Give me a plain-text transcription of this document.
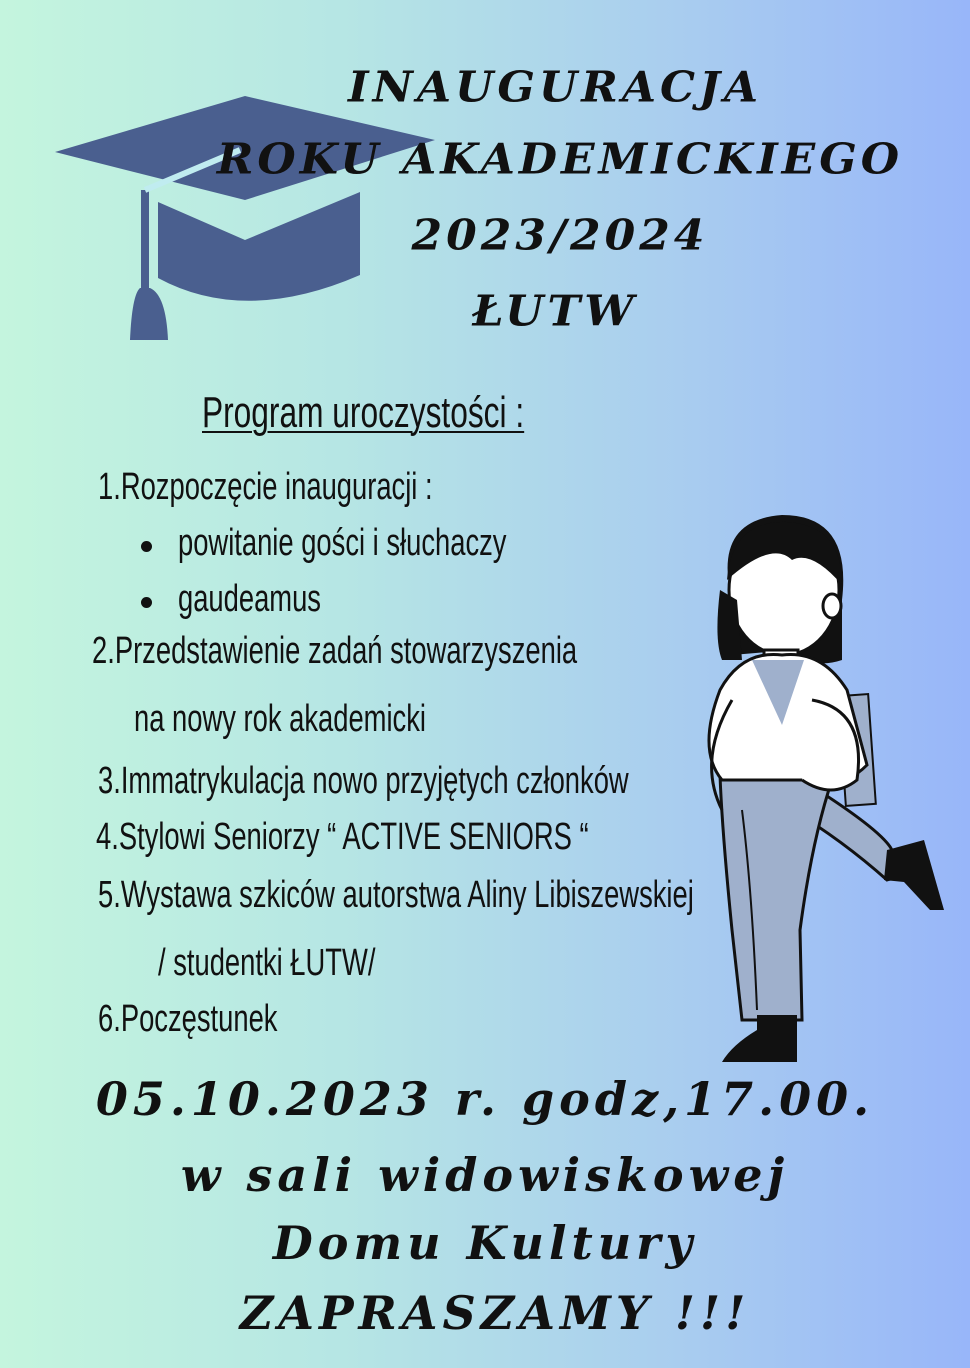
INAUGURACJA
ROKU AKADEMICKIEGO
2023/2024
ŁUTW
Program uroczystości :
1.Rozpoczęcie inauguracji :
powitanie gości i słuchaczy
gaudeamus
2.Przedstawienie zadań stowarzyszenia
na nowy rok akademicki
3.Immatrykulacja nowo przyjętych członków
4.Stylowi Seniorzy “ ACTIVE SENIORS “
5.Wystawa szkiców autorstwa Aliny Libiszewskiej
/ studentki ŁUTW/
6.Poczęstunek
05.10.2023 r. godz,17.00.
w sali widowiskowej
Domu Kultury
ZAPRASZAMY !!!
